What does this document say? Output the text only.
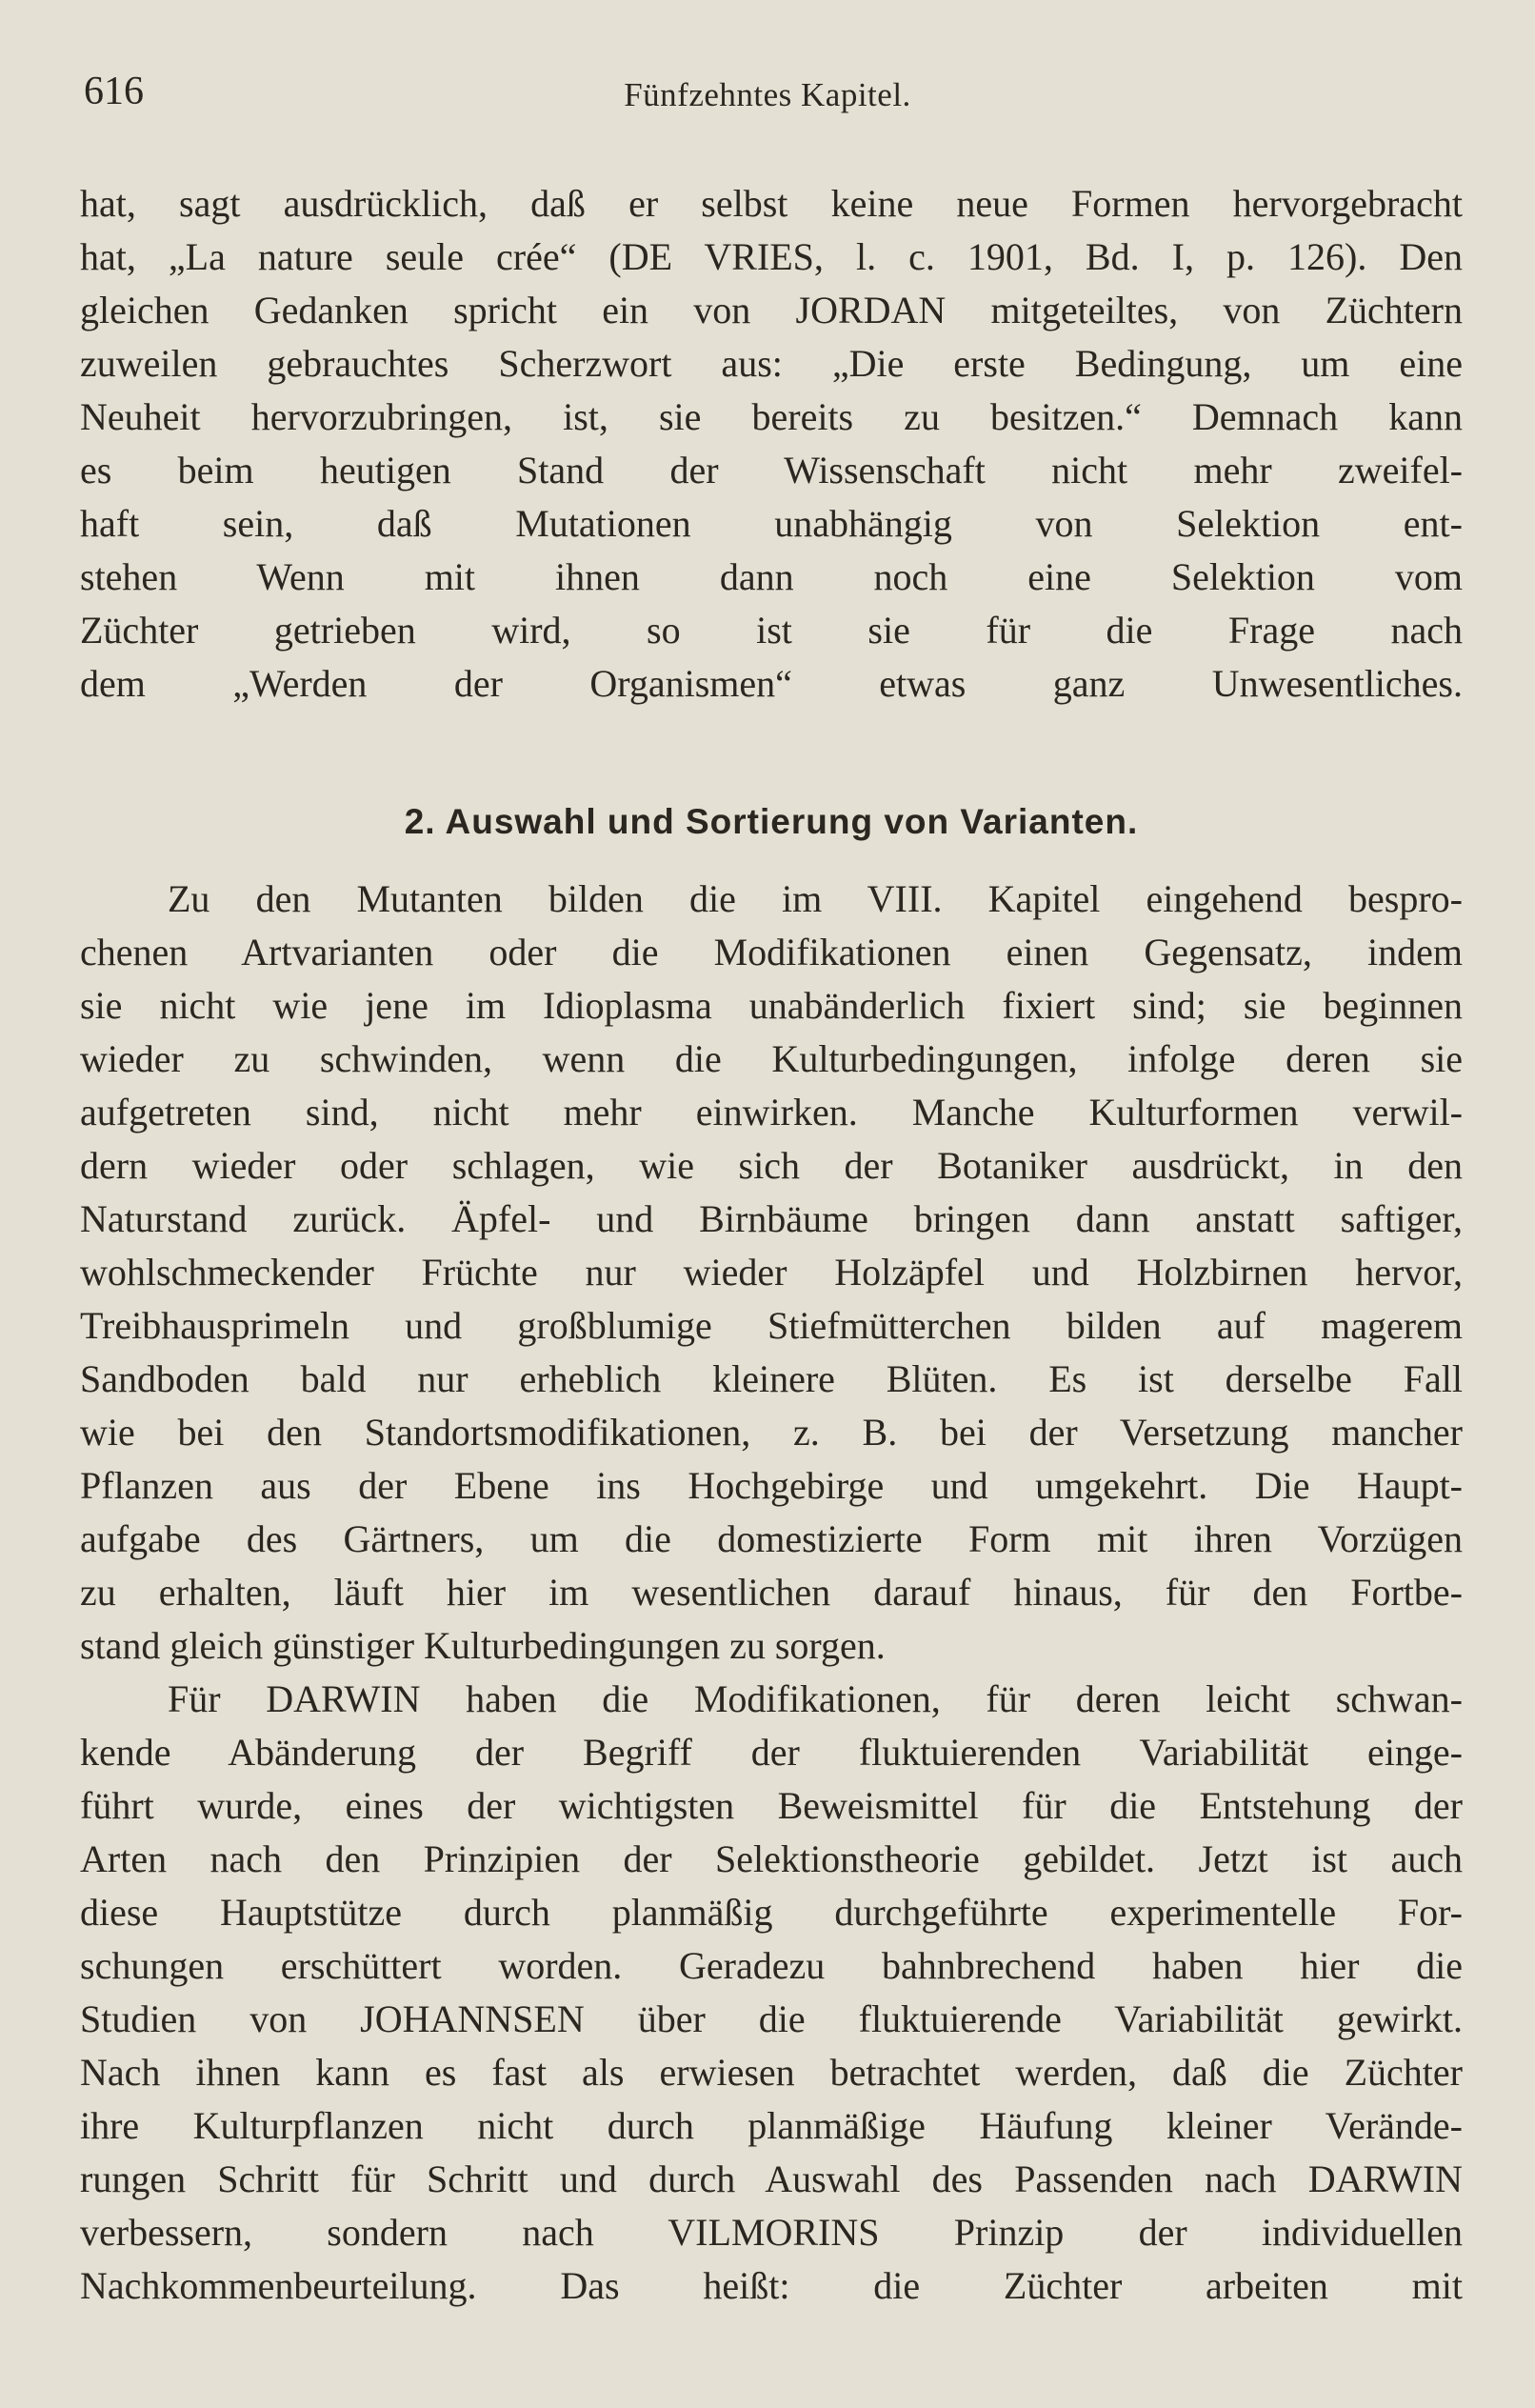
616	Fünfzehntes Kapitel.
hat, sagt ausdrücklich, daß er selbst keine neue Formen hervorgebracht
hat, „La nature seule crée“ (DE VRIES, l. c. 1901, Bd. I, p. 126). Den
gleichen Gedanken spricht ein von JORDAN mitgeteiltes, von Züchtern
zuweilen gebrauchtes Scherzwort aus: „Die erste Bedingung, um eine
Neuheit hervorzubringen, ist, sie bereits zu besitzen.“ Demnach kann
es beim heutigen Stand der Wissenschaft nicht mehr zweifel-
haft sein, daß Mutationen unabhängig von Selektion ent-
stehen Wenn mit ihnen dann noch eine Selektion vom
Züchter getrieben wird, so ist sie für die Frage nach
dem „Werden der Organismen“ etwas ganz Unwesentliches.
2. Auswahl und Sortierung von Varianten.
Zu den Mutanten bilden die im VIII. Kapitel eingehend bespro-
chenen Artvarianten oder die Modifikationen einen Gegensatz, indem
sie nicht wie jene im Idioplasma unabänderlich fixiert sind; sie beginnen
wieder zu schwinden, wenn die Kulturbedingungen, infolge deren sie
aufgetreten sind, nicht mehr einwirken. Manche Kulturformen verwil-
dern wieder oder schlagen, wie sich der Botaniker ausdrückt, in den
Naturstand zurück. Äpfel- und Birnbäume bringen dann anstatt saftiger,
wohlschmeckender Früchte nur wieder Holzäpfel und Holzbirnen hervor,
Treibhausprimeln und großblumige Stiefmütterchen bilden auf magerem
Sandboden bald nur erheblich kleinere Blüten. Es ist derselbe Fall
wie bei den Standortsmodifikationen, z. B. bei der Versetzung mancher
Pflanzen aus der Ebene ins Hochgebirge und umgekehrt. Die Haupt-
aufgabe des Gärtners, um die domestizierte Form mit ihren Vorzügen
zu erhalten, läuft hier im wesentlichen darauf hinaus, für den Fortbe-
stand gleich günstiger Kulturbedingungen zu sorgen.
Für DARWIN haben die Modifikationen, für deren leicht schwan-
kende Abänderung der Begriff der fluktuierenden Variabilität einge-
führt wurde, eines der wichtigsten Beweismittel für die Entstehung der
Arten nach den Prinzipien der Selektionstheorie gebildet. Jetzt ist auch
diese Hauptstütze durch planmäßig durchgeführte experimentelle For-
schungen erschüttert worden. Geradezu bahnbrechend haben hier die
Studien von JOHANNSEN über die fluktuierende Variabilität gewirkt.
Nach ihnen kann es fast als erwiesen betrachtet werden, daß die Züchter
ihre Kulturpflanzen nicht durch planmäßige Häufung kleiner Verände-
rungen Schritt für Schritt und durch Auswahl des Passenden nach DARWIN
verbessern, sondern nach VILMORINS Prinzip der individuellen
Nachkommenbeurteilung. Das heißt: die Züchter arbeiten mit
